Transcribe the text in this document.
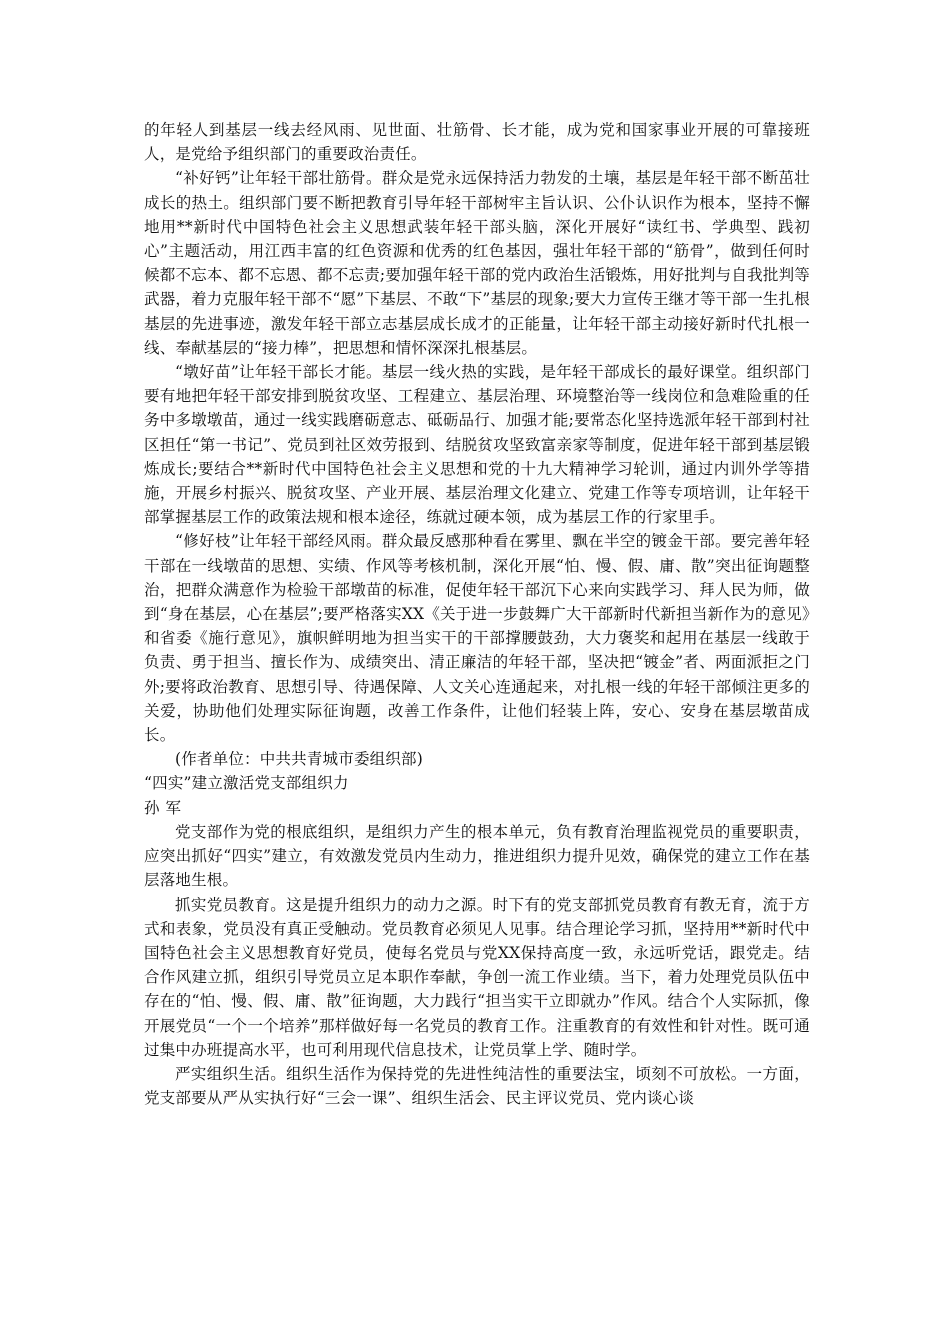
的年轻人到基层一线去经风雨、见世面、壮筋骨、长才能，成为党和国家事业开展的可靠接班人，是党给予组织部门的重要政治责任。

“补好钙”让年轻干部壮筋骨。群众是党永远保持活力勃发的土壤，基层是年轻干部不断茁壮成长的热土。组织部门要不断把教育引导年轻干部树牢主旨认识、公仆认识作为根本，坚持不懈地用**新时代中国特色社会主义思想武装年轻干部头脑，深化开展好“读红书、学典型、践初心”主题活动，用江西丰富的红色资源和优秀的红色基因，强壮年轻干部的“筋骨”，做到任何时候都不忘本、都不忘恩、都不忘责;要加强年轻干部的党内政治生活锻炼，用好批判与自我批判等武器，着力克服年轻干部不“愿”下基层、不敢“下”基层的现象;要大力宣传王继才等干部一生扎根基层的先进事迹，激发年轻干部立志基层成长成才的正能量，让年轻干部主动接好新时代扎根一线、奉献基层的“接力棒”，把思想和情怀深深扎根基层。

“墩好苗”让年轻干部长才能。基层一线火热的实践，是年轻干部成长的最好课堂。组织部门要有地把年轻干部安排到脱贫攻坚、工程建立、基层治理、环境整治等一线岗位和急难险重的任务中多墩墩苗，通过一线实践磨砺意志、砥砺品行、加强才能;要常态化坚持选派年轻干部到村社区担任“第一书记”、党员到社区效劳报到、结脱贫攻坚致富亲家等制度，促进年轻干部到基层锻炼成长;要结合**新时代中国特色社会主义思想和党的十九大精神学习轮训，通过内训外学等措施，开展乡村振兴、脱贫攻坚、产业开展、基层治理文化建立、党建工作等专项培训，让年轻干部掌握基层工作的政策法规和根本途径，练就过硬本领，成为基层工作的行家里手。

“修好枝”让年轻干部经风雨。群众最反感那种看在雾里、飘在半空的镀金干部。要完善年轻干部在一线墩苗的思想、实绩、作风等考核机制，深化开展“怕、慢、假、庸、散”突出征询题整治，把群众满意作为检验干部墩苗的标准，促使年轻干部沉下心来向实践学习、拜人民为师，做到“身在基层，心在基层”;要严格落实XX《关于进一步鼓舞广大干部新时代新担当新作为的意见》和省委《施行意见》，旗帜鲜明地为担当实干的干部撑腰鼓劲，大力褒奖和起用在基层一线敢于负责、勇于担当、擅长作为、成绩突出、清正廉洁的年轻干部，坚决把“镀金”者、两面派拒之门外;要将政治教育、思想引导、待遇保障、人文关心连通起来，对扎根一线的年轻干部倾注更多的关爱，协助他们处理实际征询题，改善工作条件，让他们轻装上阵，安心、安身在基层墩苗成长。

(作者单位：中共共青城市委组织部)

“四实”建立激活党支部组织力

孙军

党支部作为党的根底组织，是组织力产生的根本单元，负有教育治理监视党员的重要职责，应突出抓好“四实”建立，有效激发党员内生动力，推进组织力提升见效，确保党的建立工作在基层落地生根。

抓实党员教育。这是提升组织力的动力之源。时下有的党支部抓党员教育有教无育，流于方式和表象，党员没有真正受触动。党员教育必须见人见事。结合理论学习抓，坚持用**新时代中国特色社会主义思想教育好党员，使每名党员与党XX保持高度一致，永远听党话，跟党走。结合作风建立抓，组织引导党员立足本职作奉献，争创一流工作业绩。当下，着力处理党员队伍中存在的“怕、慢、假、庸、散”征询题，大力践行“担当实干立即就办”作风。结合个人实际抓，像开展党员“一个一个培养”那样做好每一名党员的教育工作。注重教育的有效性和针对性。既可通过集中办班提高水平，也可利用现代信息技术，让党员掌上学、随时学。

严实组织生活。组织生活作为保持党的先进性纯洁性的重要法宝，顷刻不可放松。一方面，党支部要从严从实执行好“三会一课”、组织生活会、民主评议党员、党内谈心谈
